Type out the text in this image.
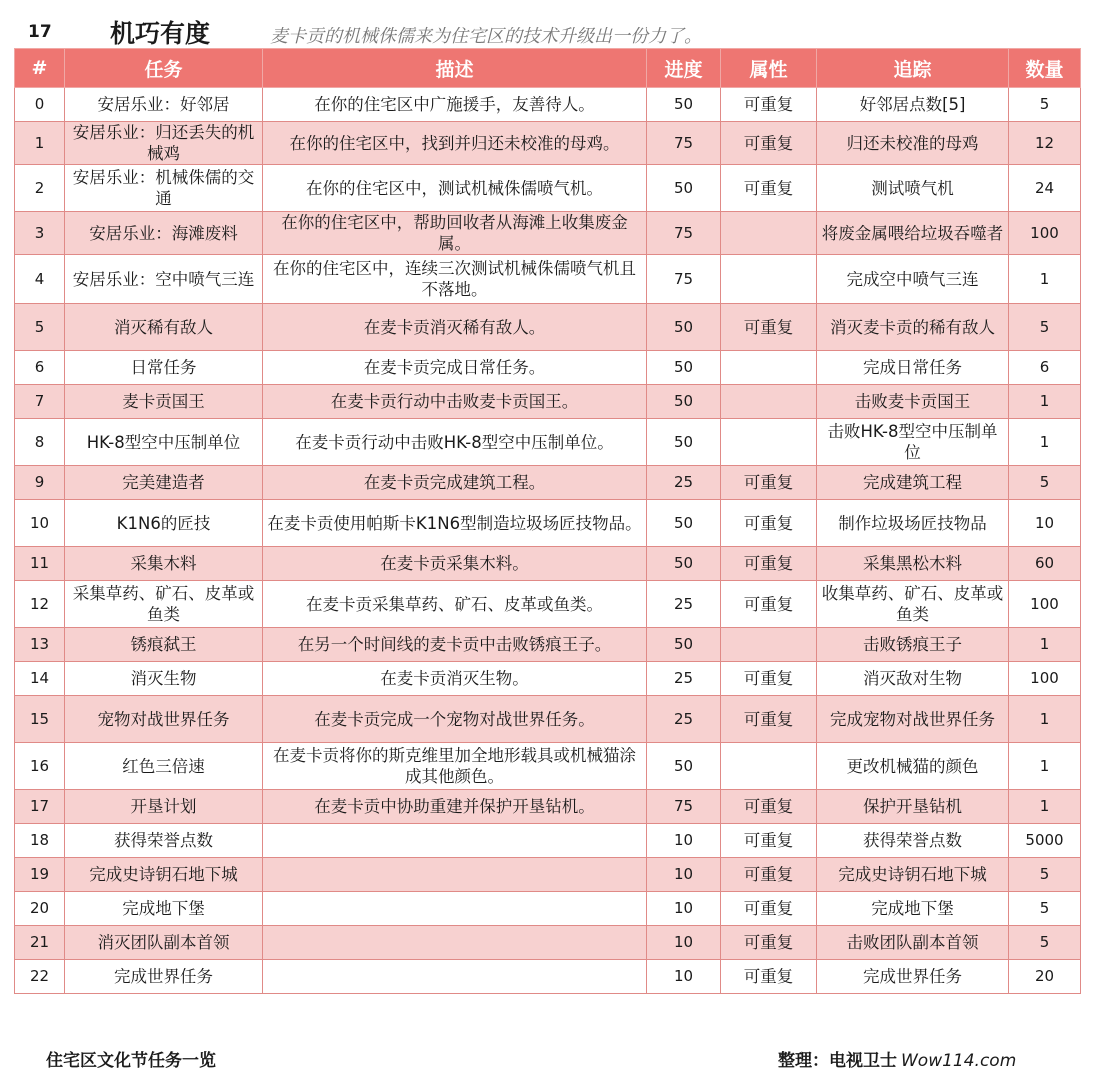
17 机巧有度	麦卡贡的机械侏儒来为住宅区的技术升级出一份力了。
#	任务	描述	进度	属性	追踪	数量
0	安居乐业：好邻居	在你的住宅区中广施援手，友善待人。	50	可重复	好邻居点数[5]	5
1	安居乐业：归还丢失的机械鸡	在你的住宅区中，找到并归还未校准的母鸡。	75	可重复	归还未校准的母鸡	12
2	安居乐业：机械侏儒的交通	在你的住宅区中，测试机械侏儒喷气机。	50	可重复	测试喷气机	24
3	安居乐业：海滩废料	在你的住宅区中，帮助回收者从海滩上收集废金属。	75		将废金属喂给垃圾吞噬者	100
4	安居乐业：空中喷气三连	在你的住宅区中，连续三次测试机械侏儒喷气机且不落地。	75		完成空中喷气三连	1
5	消灭稀有敌人	在麦卡贡消灭稀有敌人。	50	可重复	消灭麦卡贡的稀有敌人	5
6	日常任务	在麦卡贡完成日常任务。	50		完成日常任务	6
7	麦卡贡国王	在麦卡贡行动中击败麦卡贡国王。	50		击败麦卡贡国王	1
8	HK-8型空中压制单位	在麦卡贡行动中击败HK-8型空中压制单位。	50		击败HK-8型空中压制单位	1
9	完美建造者	在麦卡贡完成建筑工程。	25	可重复	完成建筑工程	5
10	K1N6的匠技	在麦卡贡使用帕斯卡K1N6型制造垃圾场匠技物品。	50	可重复	制作垃圾场匠技物品	10
11	采集木料	在麦卡贡采集木料。	50	可重复	采集黑松木料	60
12	采集草药、矿石、皮革或鱼类	在麦卡贡采集草药、矿石、皮革或鱼类。	25	可重复	收集草药、矿石、皮革或鱼类	100
13	锈痕弑王	在另一个时间线的麦卡贡中击败锈痕王子。	50		击败锈痕王子	1
14	消灭生物	在麦卡贡消灭生物。	25	可重复	消灭敌对生物	100
15	宠物对战世界任务	在麦卡贡完成一个宠物对战世界任务。	25	可重复	完成宠物对战世界任务	1
16	红色三倍速	在麦卡贡将你的斯克维里加全地形载具或机械猫涂成其他颜色。	50		更改机械猫的颜色	1
17	开垦计划	在麦卡贡中协助重建并保护开垦钻机。	75	可重复	保护开垦钻机	1
18	获得荣誉点数		10	可重复	获得荣誉点数	5000
19	完成史诗钥石地下城		10	可重复	完成史诗钥石地下城	5
20	完成地下堡		10	可重复	完成地下堡	5
21	消灭团队副本首领		10	可重复	击败团队副本首领	5
22	完成世界任务		10	可重复	完成世界任务	20
住宅区文化节任务一览	整理：电视卫士 Wow114.com
